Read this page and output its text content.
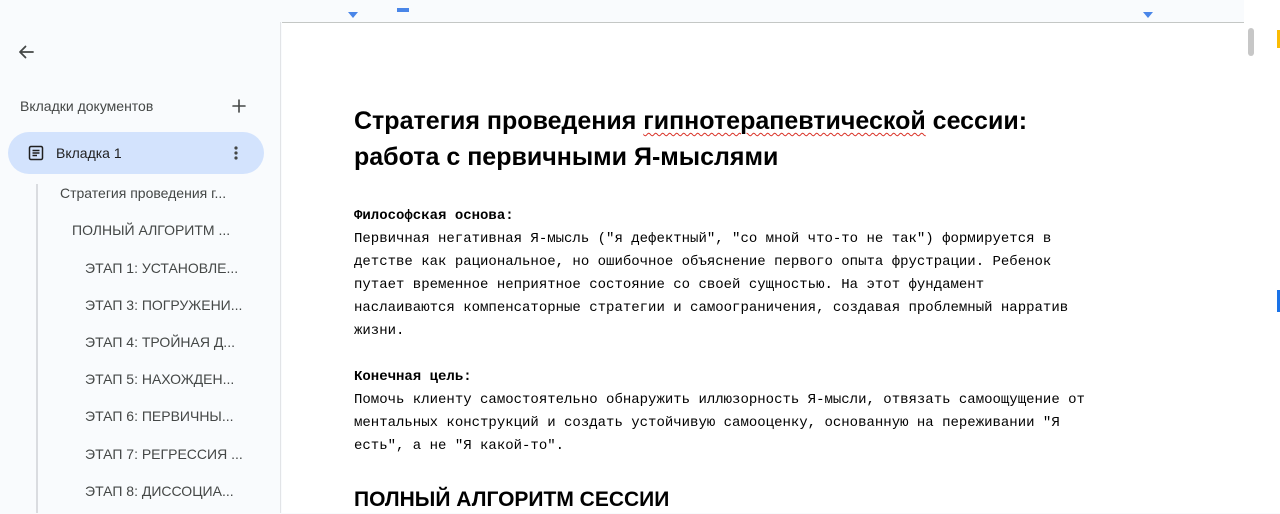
Вкладки документов
Вкладка 1
Стратегия проведения г...
ПОЛНЫЙ АЛГОРИТМ ...
ЭТАП 1: УСТАНОВЛЕ...
ЭТАП 3: ПОГРУЖЕНИ...
ЭТАП 4: ТРОЙНАЯ Д...
ЭТАП 5: НАХОЖДЕН...
ЭТАП 6: ПЕРВИЧНЫ...
ЭТАП 7: РЕГРЕССИЯ ...
ЭТАП 8: ДИССОЦИА...
Стратегия проведения гипнотерапевтической сессии:
работа с первичными Я-мыслями
Философская основа:
Первичная негативная Я-мысль ("я дефектный", "со мной что-то не так") формируется в
детстве как рациональное, но ошибочное объяснение первого опыта фрустрации. Ребенок
путает временное неприятное состояние со своей сущностью. На этот фундамент
наслаиваются компенсаторные стратегии и самоограничения, создавая проблемный нарратив
жизни.
Конечная цель:
Помочь клиенту самостоятельно обнаружить иллюзорность Я-мысли, отвязать самоощущение от
ментальных конструкций и создать устойчивую самооценку, основанную на переживании "Я
есть", а не "Я какой-то".
ПОЛНЫЙ АЛГОРИТМ СЕССИИ
